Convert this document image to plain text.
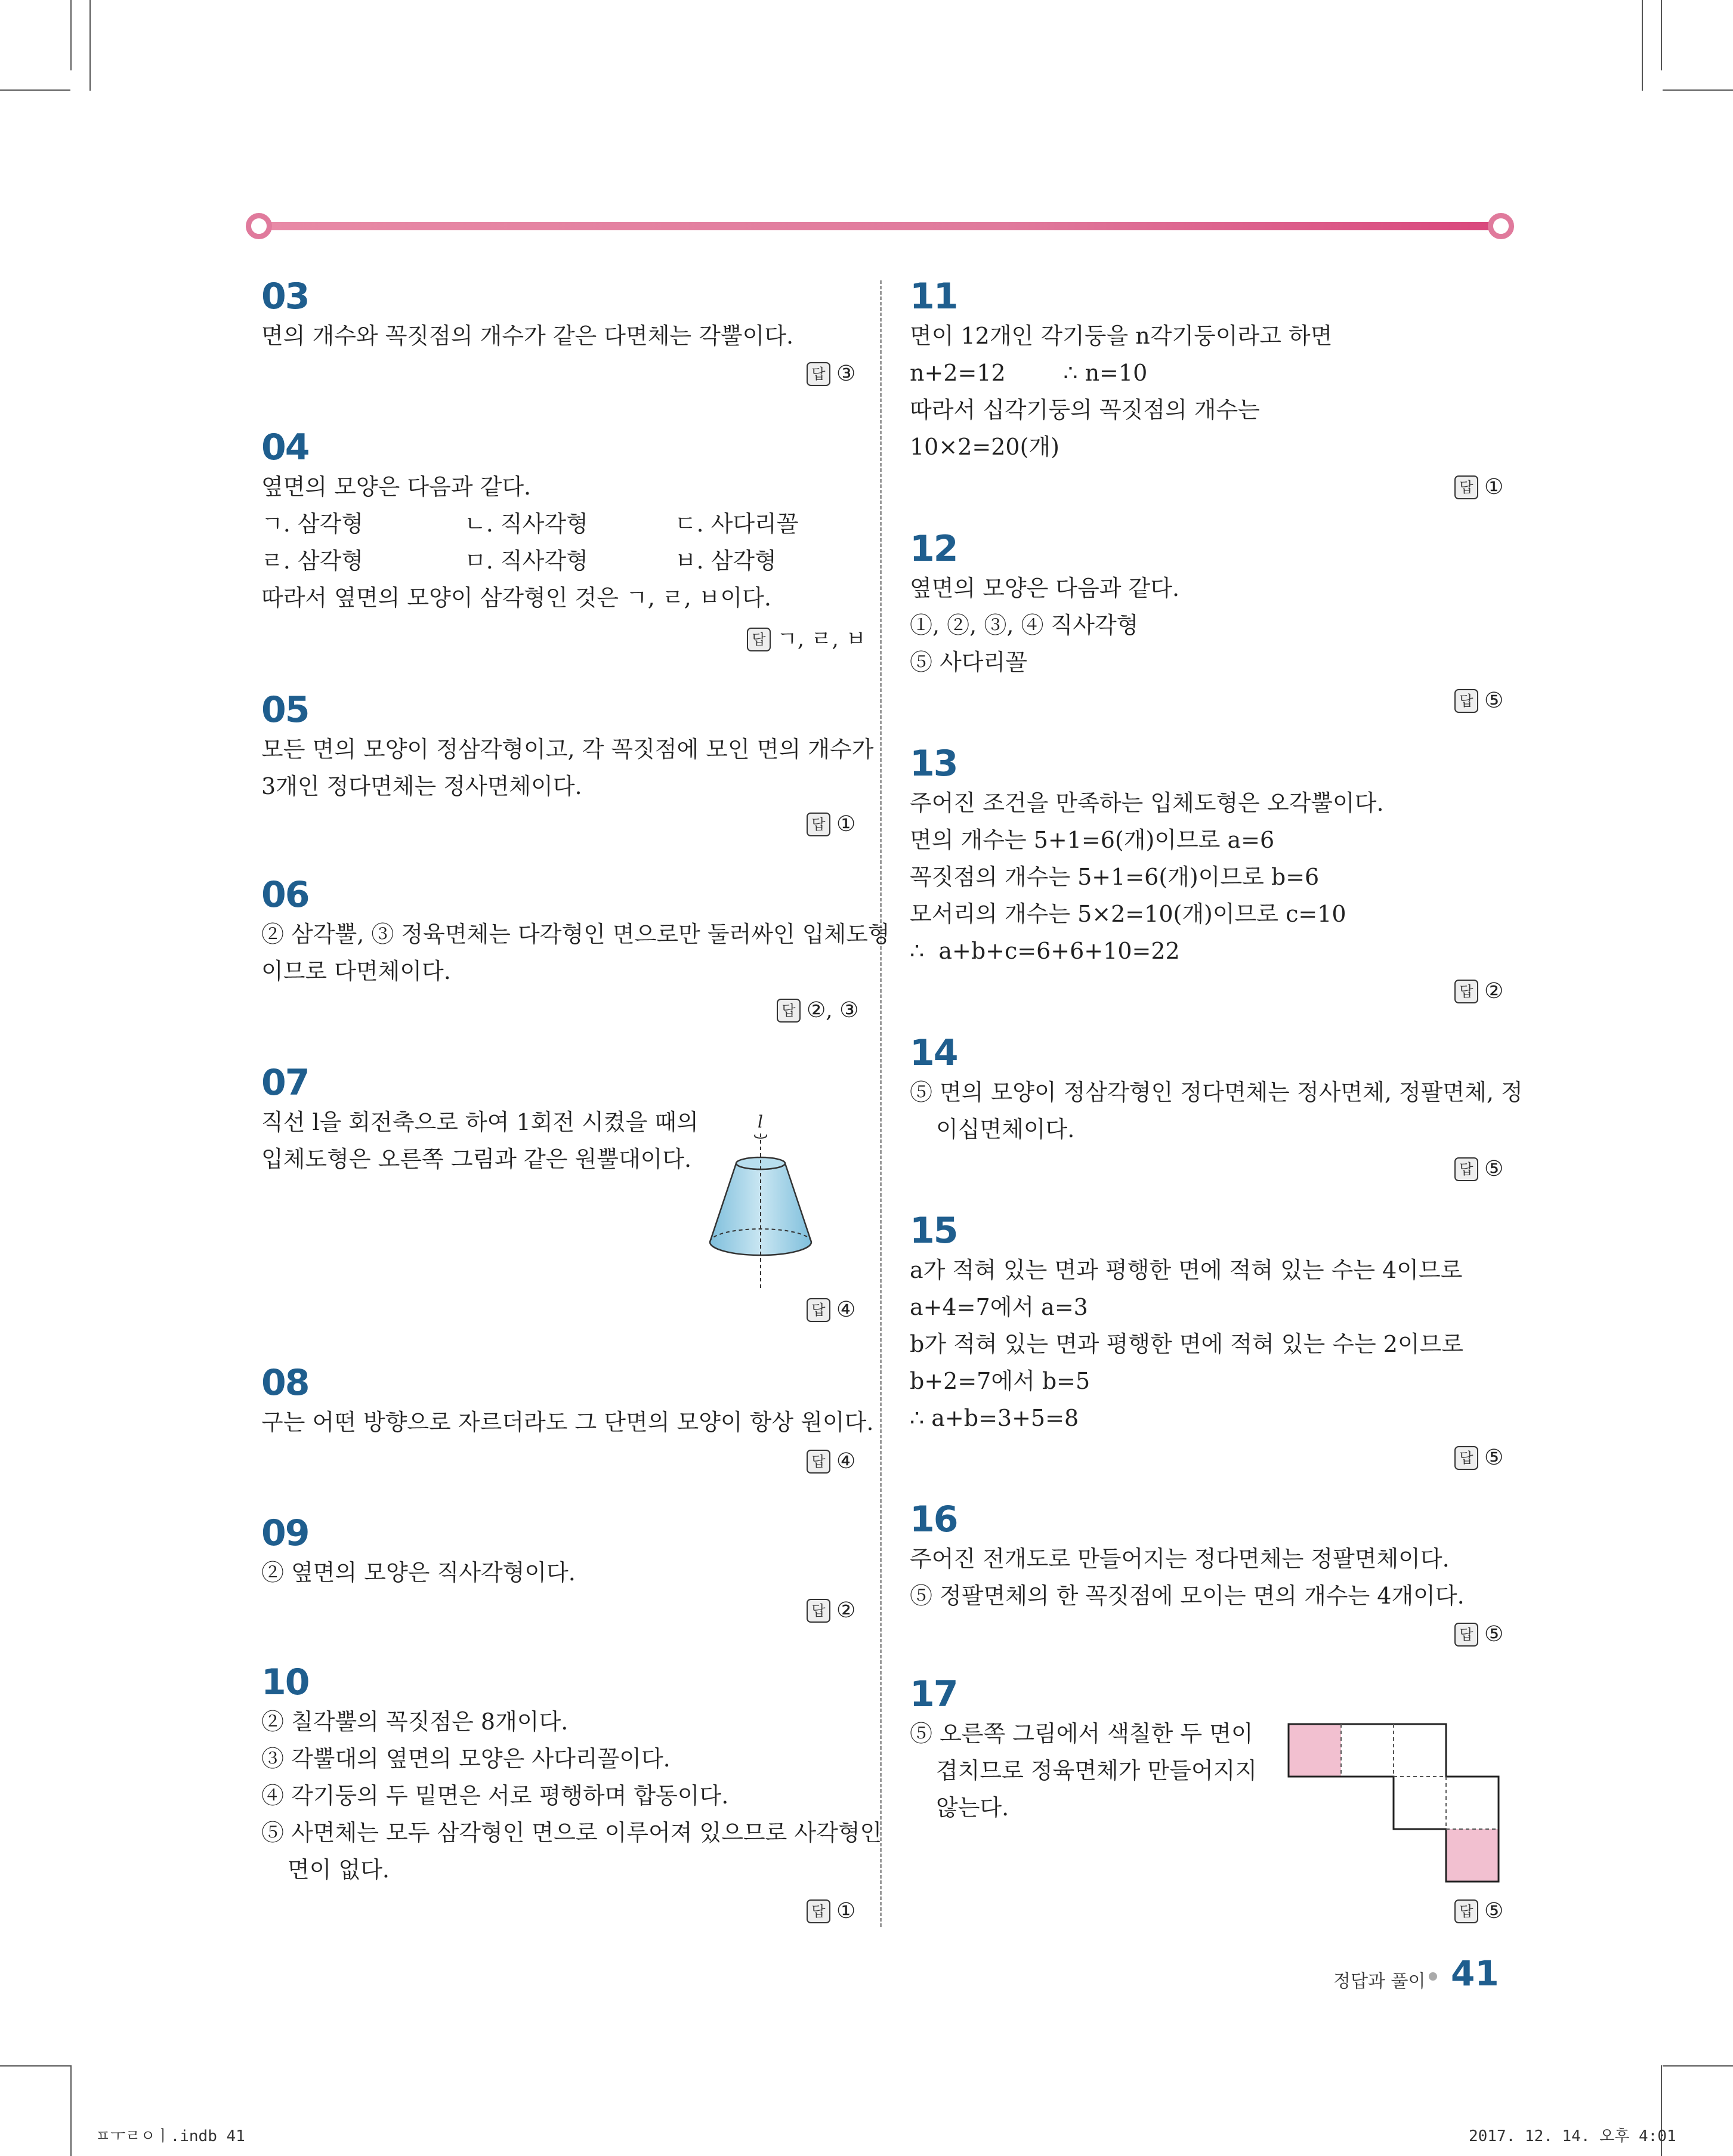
03
면의 개수와 꼭짓점의 개수가 같은 다면체는 각뿔이다.
답 ③
04
옆면의 모양은 다음과 같다.
ㄱ. 삼각형              ㄴ. 직사각형            ㄷ. 사다리꼴
ㄹ. 삼각형              ㅁ. 직사각형            ㅂ. 삼각형
따라서 옆면의 모양이 삼각형인 것은 ㄱ, ㄹ, ㅂ이다.
답 ㄱ, ㄹ, ㅂ
05
모든 면의 모양이 정삼각형이고, 각 꼭짓점에 모인 면의 개수가
3개인 정다면체는 정사면체이다.
답 ①
06
② 삼각뿔, ③ 정육면체는 다각형인 면으로만 둘러싸인 입체도형
이므로 다면체이다.
답 ②, ③
07
직선 l을 회전축으로 하여 1회전 시켰을 때의
입체도형은 오른쪽 그림과 같은 원뿔대이다.
l
답 ④
08
구는 어떤 방향으로 자르더라도 그 단면의 모양이 항상 원이다.
답 ④
09
② 옆면의 모양은 직사각형이다.
답 ②
10
② 칠각뿔의 꼭짓점은 8개이다.
③ 각뿔대의 옆면의 모양은 사다리꼴이다.
④ 각기둥의 두 밑면은 서로 평행하며 합동이다.
⑤ 사면체는 모두 삼각형인 면으로 이루어져 있으므로 사각형인
면이 없다.
답 ①
11
면이 12개인 각기둥을 n각기둥이라고 하면
n+2=12        ∴ n=10
따라서 십각기둥의 꼭짓점의 개수는
10×2=20(개)
답 ①
12
옆면의 모양은 다음과 같다.
①, ②, ③, ④ 직사각형
⑤ 사다리꼴
답 ⑤
13
주어진 조건을 만족하는 입체도형은 오각뿔이다.
면의 개수는 5+1=6(개)이므로 a=6
꼭짓점의 개수는 5+1=6(개)이므로 b=6
모서리의 개수는 5×2=10(개)이므로 c=10
∴  a+b+c=6+6+10=22
답 ②
14
⑤ 면의 모양이 정삼각형인 정다면체는 정사면체, 정팔면체, 정
이십면체이다.
답 ⑤
15
a가 적혀 있는 면과 평행한 면에 적혀 있는 수는 4이므로
a+4=7에서 a=3
b가 적혀 있는 면과 평행한 면에 적혀 있는 수는 2이므로
b+2=7에서 b=5
∴ a+b=3+5=8
답 ⑤
16
주어진 전개도로 만들어지는 정다면체는 정팔면체이다.
⑤ 정팔면체의 한 꼭짓점에 모이는 면의 개수는 4개이다.
답 ⑤
17
⑤ 오른쪽 그림에서 색칠한 두 면이
겹치므로 정육면체가 만들어지지
않는다.
답 ⑤
정답과 풀이 41
ㅍㅜㄹㅇㅣ.indb 41	2017. 12. 14. 오후 4:01
